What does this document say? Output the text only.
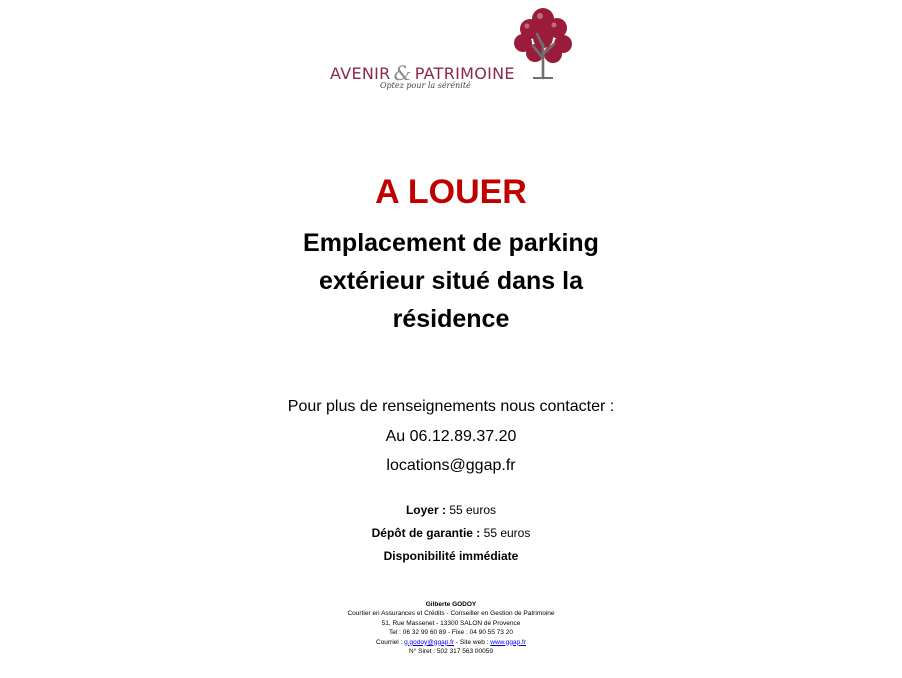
AVENIR & PATRIMOINE
Optez pour la sérénité
A LOUER
Emplacement de parking
extérieur situé dans la
résidence
Pour plus de renseignements nous contacter :
Au 06.12.89.37.20
locations@ggap.fr
Loyer : 55 euros
Dépôt de garantie : 55 euros
Disponibilité immédiate
Gilberte GODOY
Courtier en Assurances et Crédits - Conseiller en Gestion de Patrimoine
51, Rue Massenet - 13300 SALON de Provence
Tel : 06 32 99 60 89 - Fixe : 04 90 55 73 20
Courriel : g.godoy@ggap.fr - Site web : www.ggap.fr
N° Siret : 502 317 563 00059
